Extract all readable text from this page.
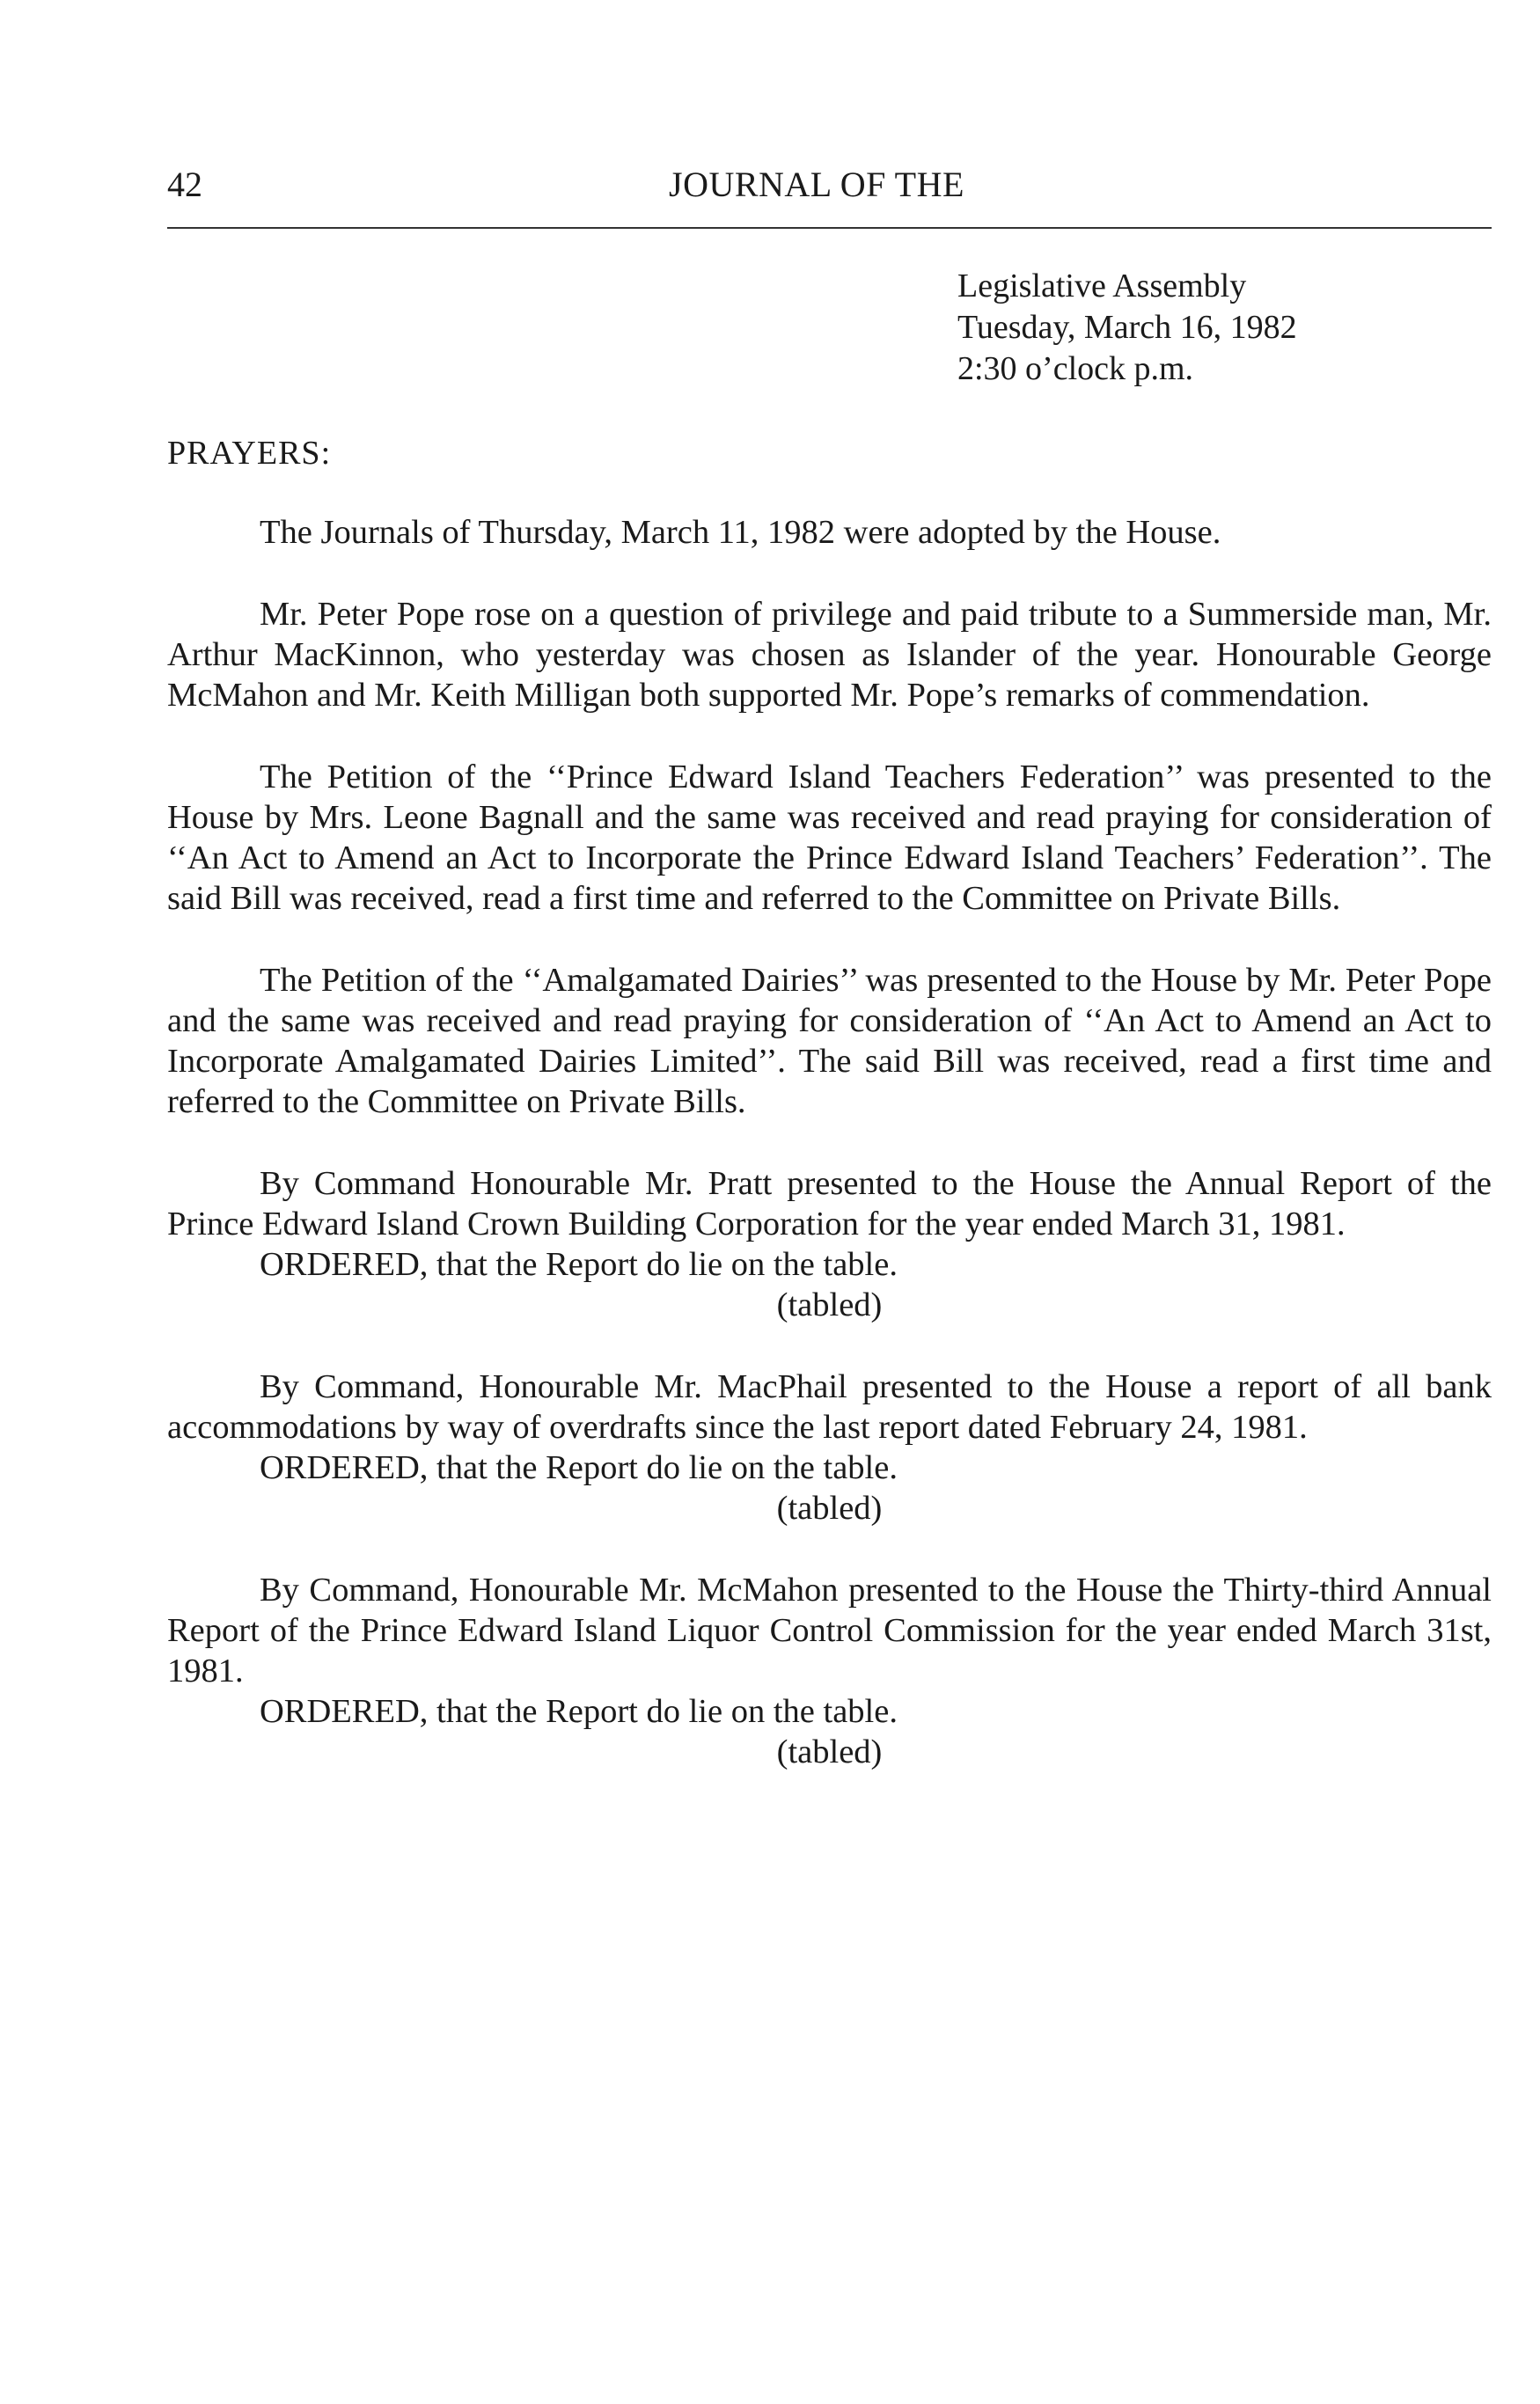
42	JOURNAL OF THE
Legislative Assembly
Tuesday, March 16, 1982
2:30 o’clock p.m.
PRAYERS:

The Journals of Thursday, March 11, 1982 were adopted by the House.

Mr. Peter Pope rose on a question of privilege and paid tribute to a Summerside man, Mr. Arthur MacKinnon, who yesterday was chosen as Islander of the year. Honourable George McMahon and Mr. Keith Milligan both supported Mr. Pope’s remarks of commendation.

The Petition of the ‘‘Prince Edward Island Teachers Federation’’ was presented to the House by Mrs. Leone Bagnall and the same was received and read praying for consideration of ‘‘An Act to Amend an Act to Incorporate the Prince Edward Island Teachers’ Federation’’. The said Bill was received, read a first time and referred to the Committee on Private Bills.

The Petition of the ‘‘Amalgamated Dairies’’ was presented to the House by Mr. Peter Pope and the same was received and read praying for consideration of ‘‘An Act to Amend an Act to Incorporate Amalgamated Dairies Limited’’. The said Bill was received, read a first time and referred to the Committee on Private Bills.

By Command Honourable Mr. Pratt presented to the House the Annual Report of the Prince Edward Island Crown Building Corporation for the year ended March 31, 1981.

ORDERED, that the Report do lie on the table.

(tabled)

By Command, Honourable Mr. MacPhail presented to the House a report of all bank accommodations by way of overdrafts since the last report dated February 24, 1981.

ORDERED, that the Report do lie on the table.

(tabled)

By Command, Honourable Mr. McMahon presented to the House the Thirty-third Annual Report of the Prince Edward Island Liquor Control Commission for the year ended March 31st, 1981.

ORDERED, that the Report do lie on the table.

(tabled)
